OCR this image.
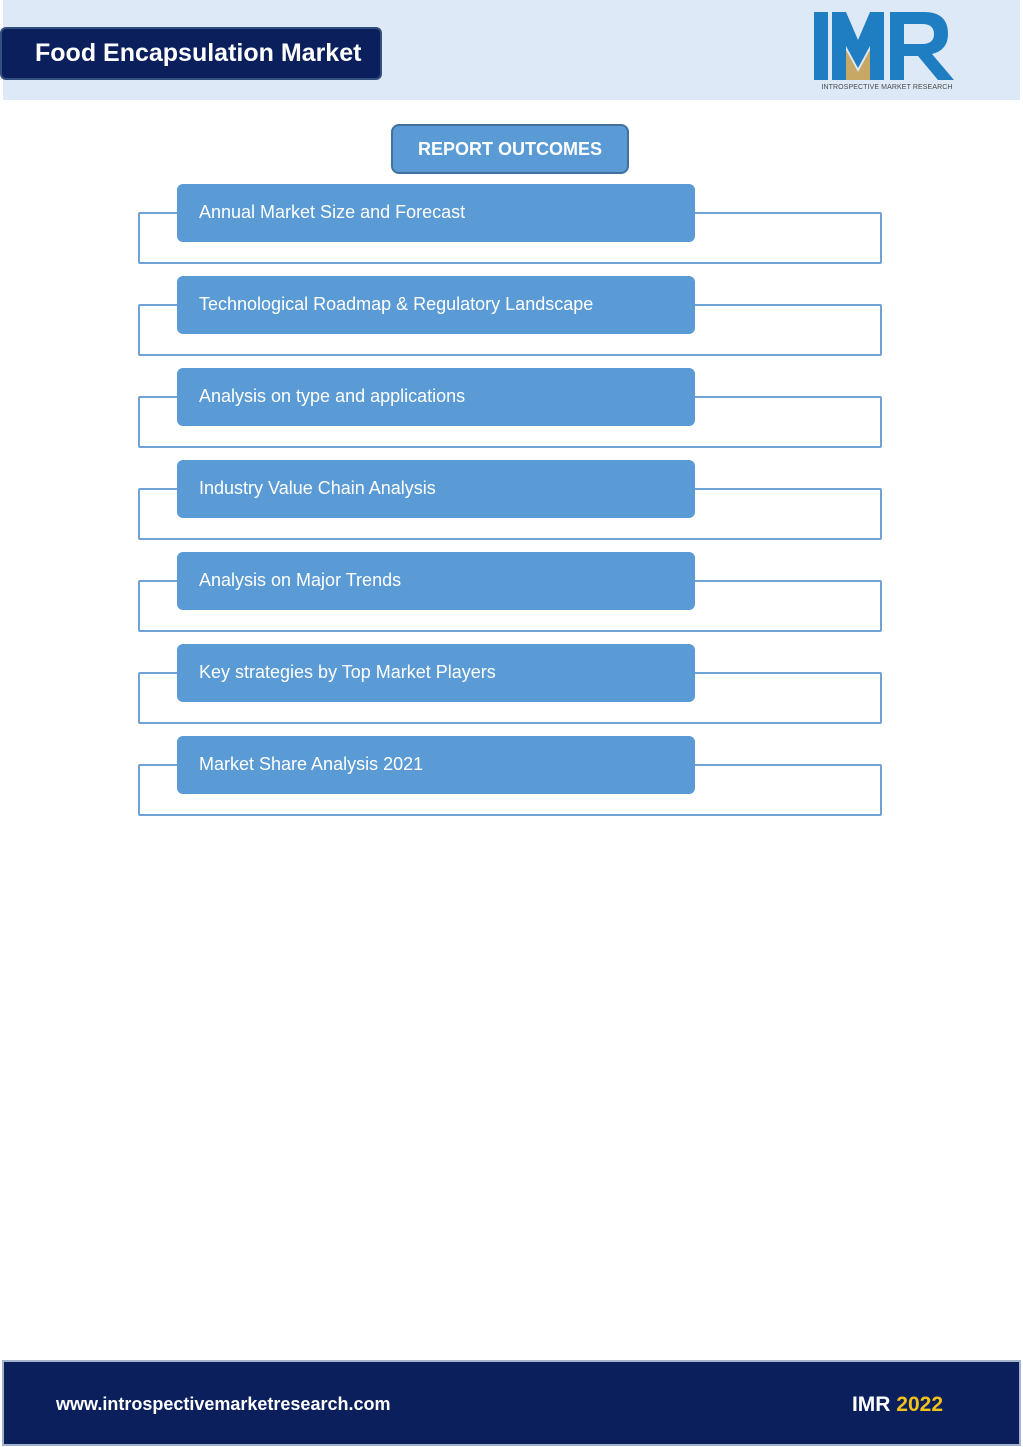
Food Encapsulation Market
INTROSPECTIVE MARKET RESEARCH
REPORT OUTCOMES
Annual Market Size and Forecast
Technological Roadmap & Regulatory Landscape
Analysis on type and applications
Industry Value Chain Analysis
Analysis on Major Trends
Key strategies by Top Market Players
Market Share Analysis 2021
www.introspectivemarketresearch.com	IMR 2022
